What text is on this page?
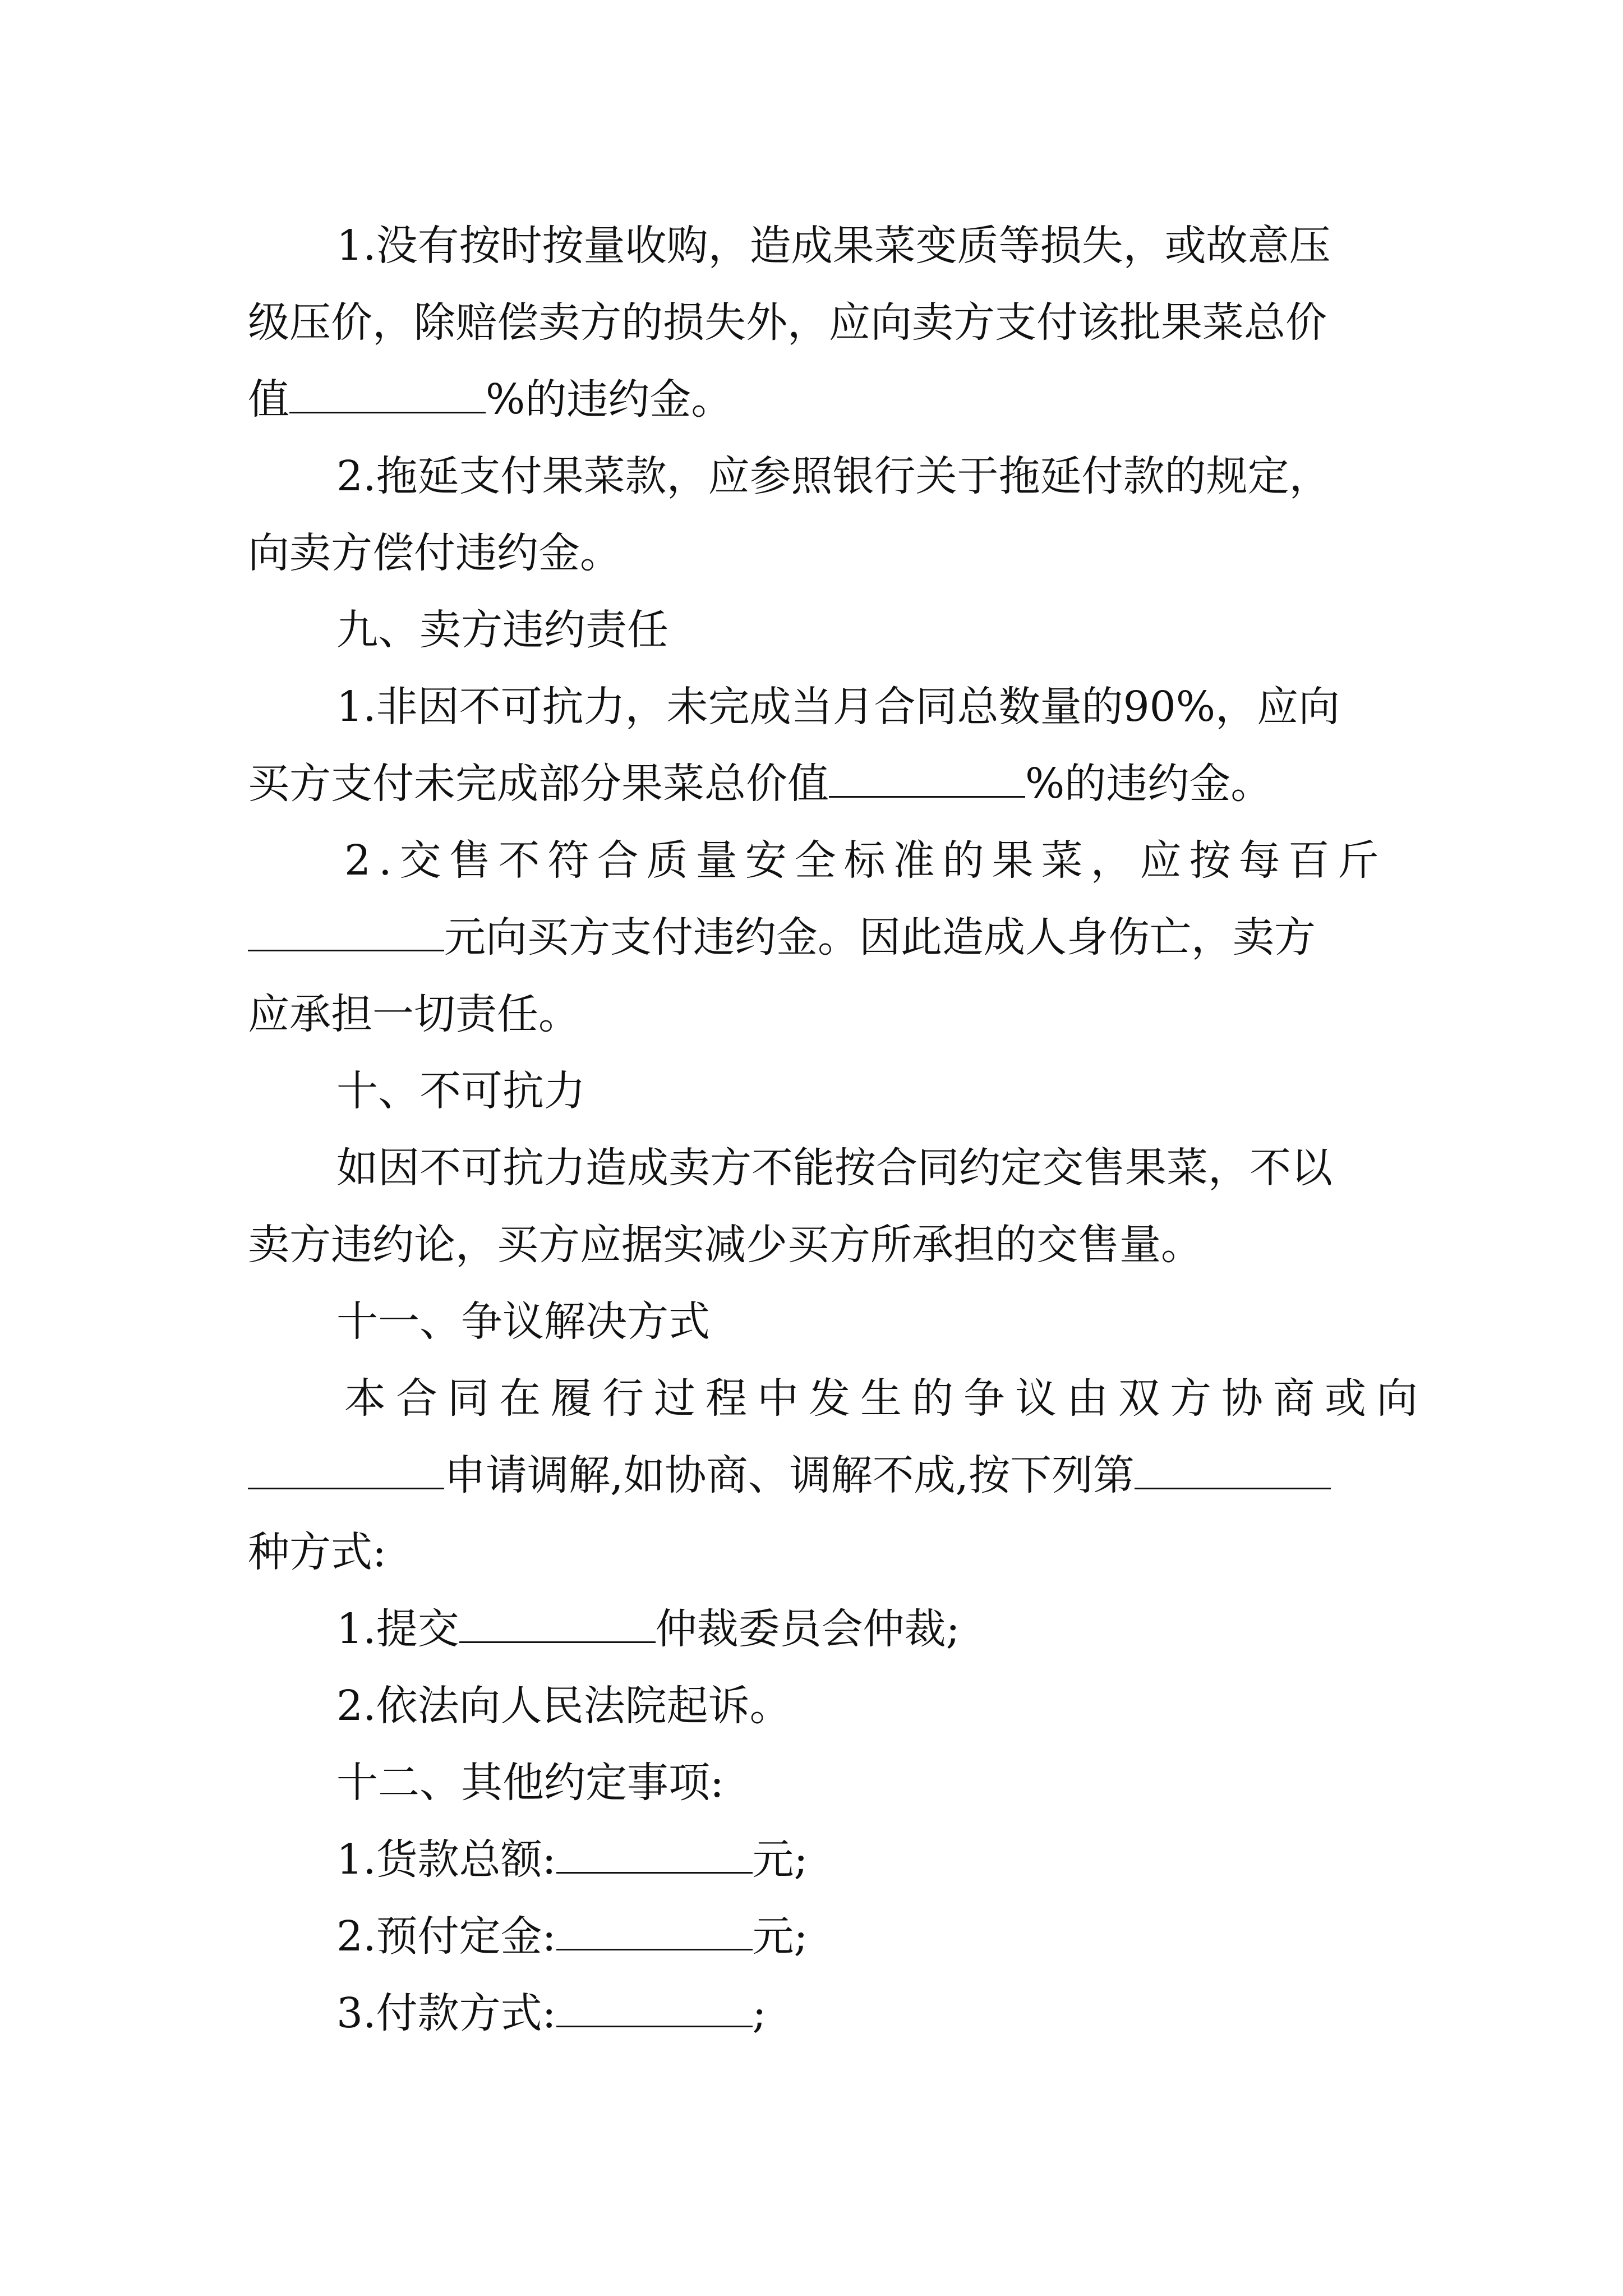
1.没有按时按量收购，造成果菜变质等损失，或故意压

级压价，除赔偿卖方的损失外，应向卖方支付该批果菜总价

值	%的违约金。

2.拖延支付果菜款，应参照银行关于拖延付款的规定，

向卖方偿付违约金。

九、卖方违约责任

1.非因不可抗力，未完成当月合同总数量的90%，应向

买方支付未完成部分果菜总价值	%的违约金。

2.交售不符合质量安全标准的果菜，应按每百斤

元向买方支付违约金。因此造成人身伤亡，卖方

应承担一切责任。

十、不可抗力

如因不可抗力造成卖方不能按合同约定交售果菜，不以

卖方违约论，买方应据实减少买方所承担的交售量。

十一、争议解决方式

本合同在履行过程中发生的争议由双方协商或向

申请调解,如协商、调解不成,按下列第

种方式:

1.提交	仲裁委员会仲裁;

2.依法向人民法院起诉。

十二、其他约定事项:

1.货款总额:	元;

2.预付定金:	元;

3.付款方式:	;
